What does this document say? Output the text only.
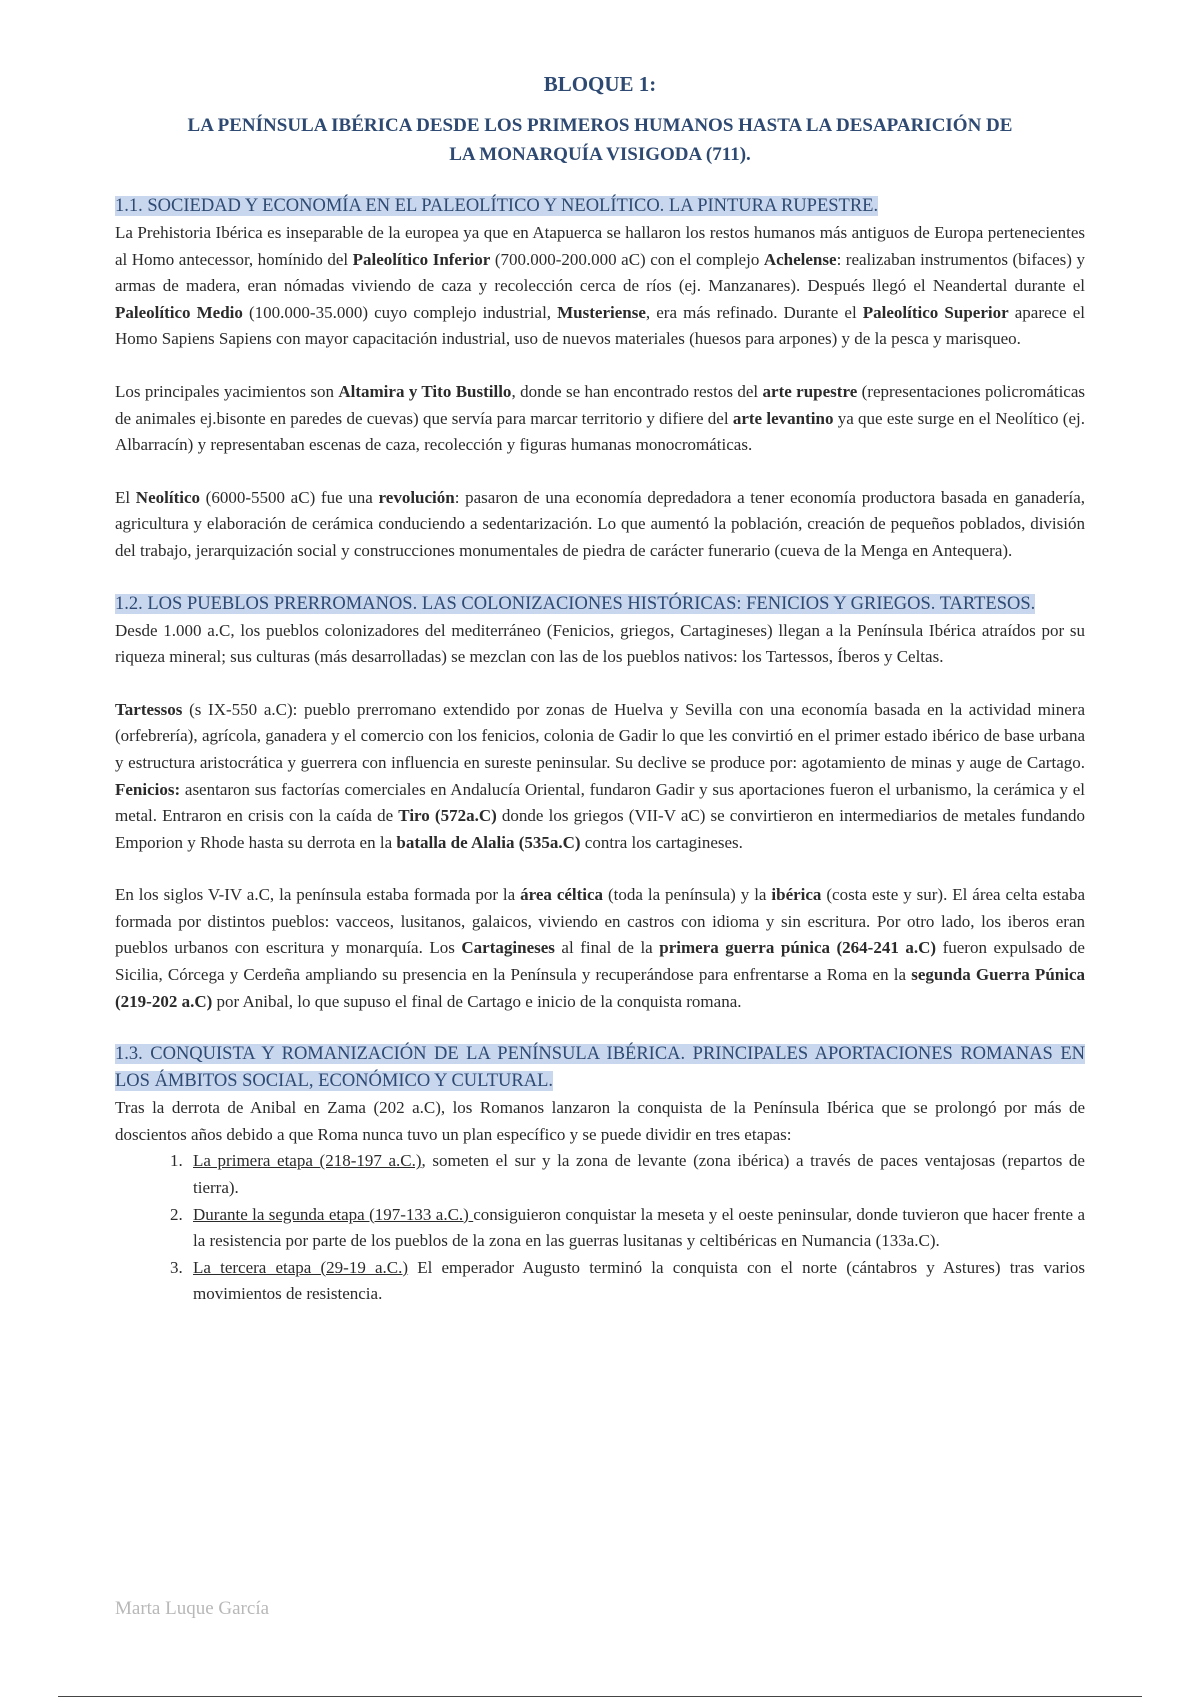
BLOQUE 1:
LA PENÍNSULA IBÉRICA DESDE LOS PRIMEROS HUMANOS HASTA LA DESAPARICIÓN DE
LA MONARQUÍA VISIGODA (711).
1.1. SOCIEDAD Y ECONOMÍA EN EL PALEOLÍTICO Y NEOLÍTICO. LA PINTURA RUPESTRE.

La Prehistoria Ibérica es inseparable de la europea ya que en Atapuerca se hallaron los restos humanos más antiguos de Europa pertenecientes al Homo antecessor, homínido del Paleolítico Inferior (700.000-200.000 aC) con el complejo Achelense: realizaban instrumentos (bifaces) y armas de madera, eran nómadas viviendo de caza y recolección cerca de ríos (ej. Manzanares). Después llegó el Neandertal durante el Paleolítico Medio (100.000-35.000) cuyo complejo industrial, Musteriense, era más refinado. Durante el Paleolítico Superior aparece el Homo Sapiens Sapiens con mayor capacitación industrial, uso de nuevos materiales (huesos para arpones) y de la pesca y marisqueo.

Los principales yacimientos son Altamira y Tito Bustillo, donde se han encontrado restos del arte rupestre (representaciones policromáticas de animales ej.bisonte en paredes de cuevas) que servía para marcar territorio y difiere del arte levantino ya que este surge en el Neolítico (ej. Albarracín) y representaban escenas de caza, recolección y figuras humanas monocromáticas.

El Neolítico (6000-5500 aC) fue una revolución: pasaron de una economía depredadora a tener economía productora basada en ganadería, agricultura y elaboración de cerámica conduciendo a sedentarización. Lo que aumentó la población, creación de pequeños poblados, división del trabajo, jerarquización social y construcciones monumentales de piedra de carácter funerario (cueva de la Menga en Antequera).

1.2. LOS PUEBLOS PRERROMANOS. LAS COLONIZACIONES HISTÓRICAS: FENICIOS Y GRIEGOS. TARTESOS.

Desde 1.000 a.C, los pueblos colonizadores del mediterráneo (Fenicios, griegos, Cartagineses) llegan a la Península Ibérica atraídos por su riqueza mineral; sus culturas (más desarrolladas) se mezclan con las de los pueblos nativos: los Tartessos, Íberos y Celtas.

Tartessos (s IX-550 a.C): pueblo prerromano extendido por zonas de Huelva y Sevilla con una economía basada en la actividad minera (orfebrería), agrícola, ganadera y el comercio con los fenicios, colonia de Gadir lo que les convirtió en el primer estado ibérico de base urbana y estructura aristocrática y guerrera con influencia en sureste peninsular. Su declive se produce por: agotamiento de minas y auge de Cartago. Fenicios: asentaron sus factorías comerciales en Andalucía Oriental, fundaron Gadir y sus aportaciones fueron el urbanismo, la cerámica y el metal. Entraron en crisis con la caída de Tiro (572a.C) donde los griegos (VII-V aC) se convirtieron en intermediarios de metales fundando Emporion y Rhode hasta su derrota en la batalla de Alalia (535a.C) contra los cartagineses.

En los siglos V-IV a.C, la península estaba formada por la área céltica (toda la península) y la ibérica (costa este y sur). El área celta estaba formada por distintos pueblos: vacceos, lusitanos, galaicos, viviendo en castros con idioma y sin escritura. Por otro lado, los iberos eran pueblos urbanos con escritura y monarquía. Los Cartagineses al final de la primera guerra púnica (264-241 a.C) fueron expulsado de Sicilia, Córcega y Cerdeña ampliando su presencia en la Península y recuperándose para enfrentarse a Roma en la segunda Guerra Púnica (219-202 a.C) por Anibal, lo que supuso el final de Cartago e inicio de la conquista romana.

1.3. CONQUISTA Y ROMANIZACIÓN DE LA PENÍNSULA IBÉRICA. PRINCIPALES APORTACIONES ROMANAS EN LOS ÁMBITOS SOCIAL, ECONÓMICO Y CULTURAL.

Tras la derrota de Anibal en Zama (202 a.C), los Romanos lanzaron la conquista de la Península Ibérica que se prolongó por más de doscientos años debido a que Roma nunca tuvo un plan específico y se puede dividir en tres etapas:

1. La primera etapa (218-197 a.C.), someten el sur y la zona de levante (zona ibérica) a través de paces ventajosas (repartos de tierra).
2. Durante la segunda etapa (197-133 a.C.) consiguieron conquistar la meseta y el oeste peninsular, donde tuvieron que hacer frente a la resistencia por parte de los pueblos de la zona en las guerras lusitanas y celtibéricas en Numancia (133a.C).
3. La tercera etapa (29-19 a.C.) El emperador Augusto terminó la conquista con el norte (cántabros y Astures) tras varios movimientos de resistencia.
Marta Luque García
